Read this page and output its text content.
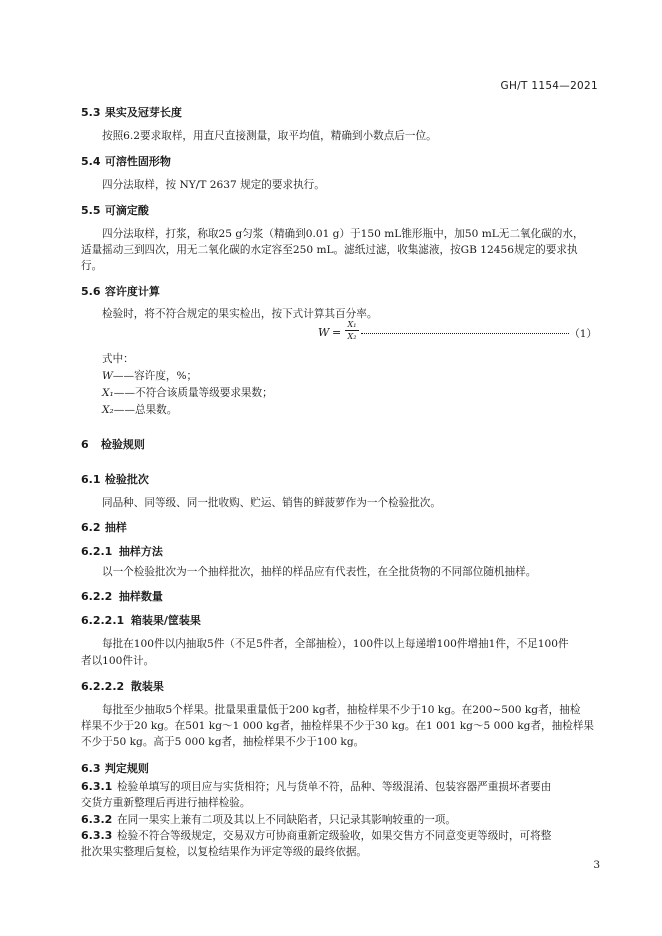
GH/T 1154—2021
5.3 果实及冠芽长度
按照6.2要求取样，用直尺直接测量，取平均值，精确到小数点后一位。
5.4 可溶性固形物
四分法取样，按 NY/T 2637 规定的要求执行。
5.5 可滴定酸
四分法取样，打浆，称取25 g匀浆（精确到0.01 g）于150 mL锥形瓶中，加50 mL无二氧化碳的水，
适量摇动三到四次，用无二氧化碳的水定容至250 mL。滤纸过滤，收集滤液，按GB 12456规定的要求执
行。
5.6 容许度计算
检验时，将不符合规定的果实检出，按下式计算其百分率。
$W = \frac{\text{X₁}}{\text{X₂}}$	（1）
式中：
W——容许度，%；
X₁——不符合该质量等级要求果数；
X₂——总果数。
6 检验规则
6.1 检验批次
同品种、同等级、同一批收购、贮运、销售的鲜菠萝作为一个检验批次。
6.2 抽样
6.2.1 抽样方法
以一个检验批次为一个抽样批次，抽样的样品应有代表性，在全批货物的不同部位随机抽样。
6.2.2 抽样数量
6.2.2.1 箱装果/筐装果
每批在100件以内抽取5件（不足5件者，全部抽检），100件以上每递增100件增抽1件，不足100件
者以100件计。
6.2.2.2 散装果
每批至少抽取5个样果。批量果重量低于200 kg者，抽检样果不少于10 kg。在200~500 kg者，抽检
样果不少于20 kg。在501 kg～1 000 kg者，抽检样果不少于30 kg。在1 001 kg～5 000 kg者，抽检样果
不少于50 kg。高于5 000 kg者，抽检样果不少于100 kg。
6.3 判定规则
6.3.1 检验单填写的项目应与实货相符；凡与货单不符，品种、等级混淆、包装容器严重损坏者要由
交货方重新整理后再进行抽样检验。
6.3.2 在同一果实上兼有二项及其以上不同缺陷者，只记录其影响较重的一项。
6.3.3 检验不符合等级规定，交易双方可协商重新定级验收，如果交售方不同意变更等级时，可将整
批次果实整理后复检，以复检结果作为评定等级的最终依据。
3
